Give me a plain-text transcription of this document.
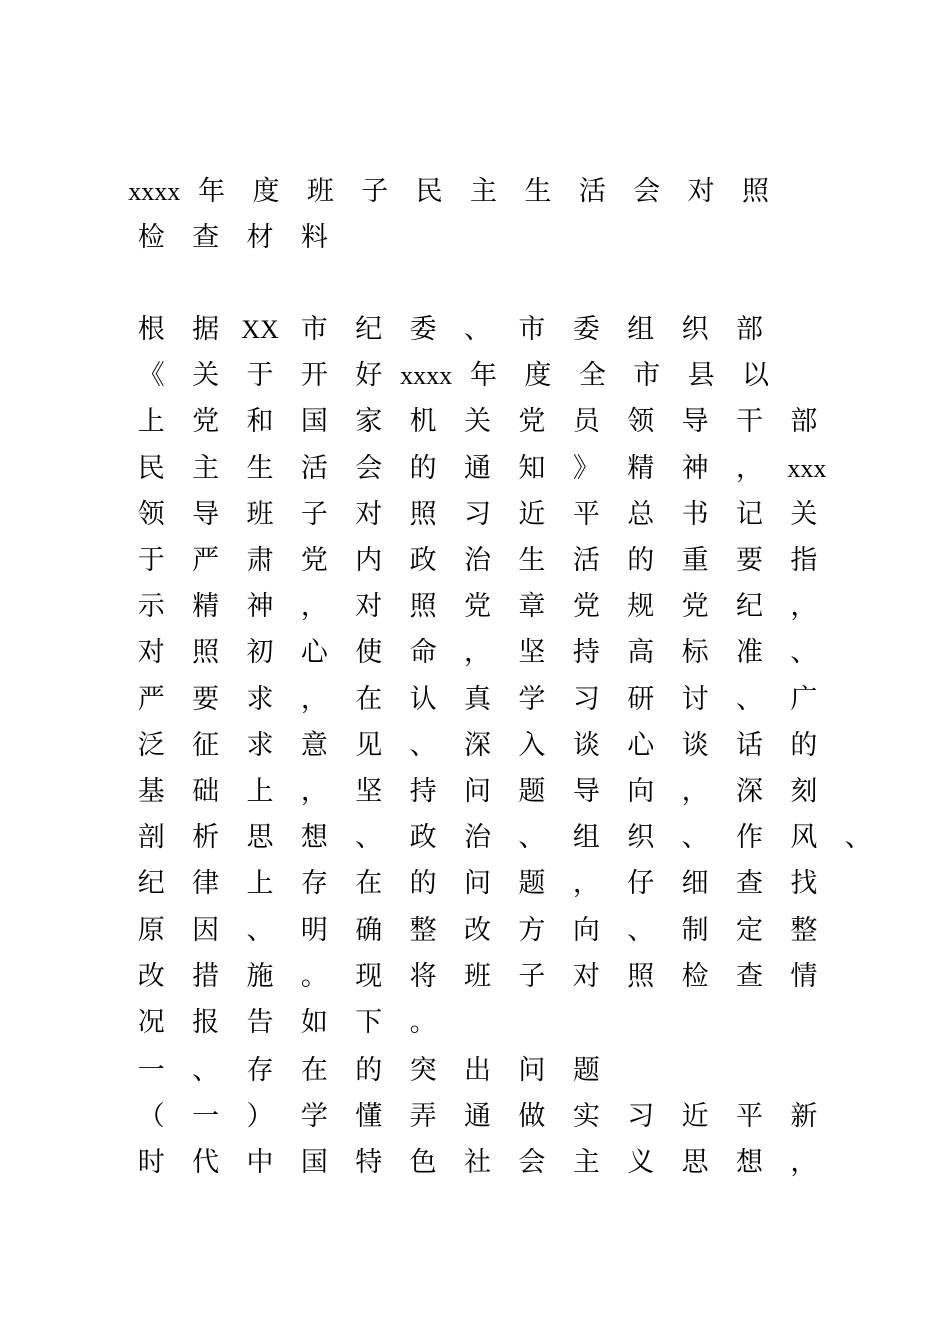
xxxx 年	度	班	子	民	主	生	活	会	对	照
检	查	材	料
根	据 XX 市	纪	委	、	市	委	组	织	部
《	关	于	开	好 xxxx 年	度	全	市	县	以
上	党	和	国	家	机	关	党	员	领	导	干	部
民	主	生	活	会	的	通	知	》	精	神	， xxx
领	导	班	子	对	照	习	近	平	总	书	记	关
于	严	肃	党	内	政	治	生	活	的	重	要	指
示	精	神	，	对	照	党	章	党	规	党	纪	，
对	照	初	心	使	命	，	坚	持	高	标	准	、
严	要	求	，	在	认	真	学	习	研	讨	、	广
泛	征	求	意	见	、	深	入	谈	心	谈	话	的
基	础	上	，	坚	持	问	题	导	向	，	深	刻
剖	析	思	想	、	政	治	、	组	织	、	作	风	、
纪	律	上	存	在	的	问	题	，	仔	细	查	找
原	因	、	明	确	整	改	方	向	、	制	定	整
改	措	施	。	现	将	班	子	对	照	检	查	情
况	报	告	如	下	。
一	、	存	在	的	突	出	问	题
（	一	）	学	懂	弄	通	做	实	习	近	平	新
时	代	中	国	特	色	社	会	主	义	思	想	，
